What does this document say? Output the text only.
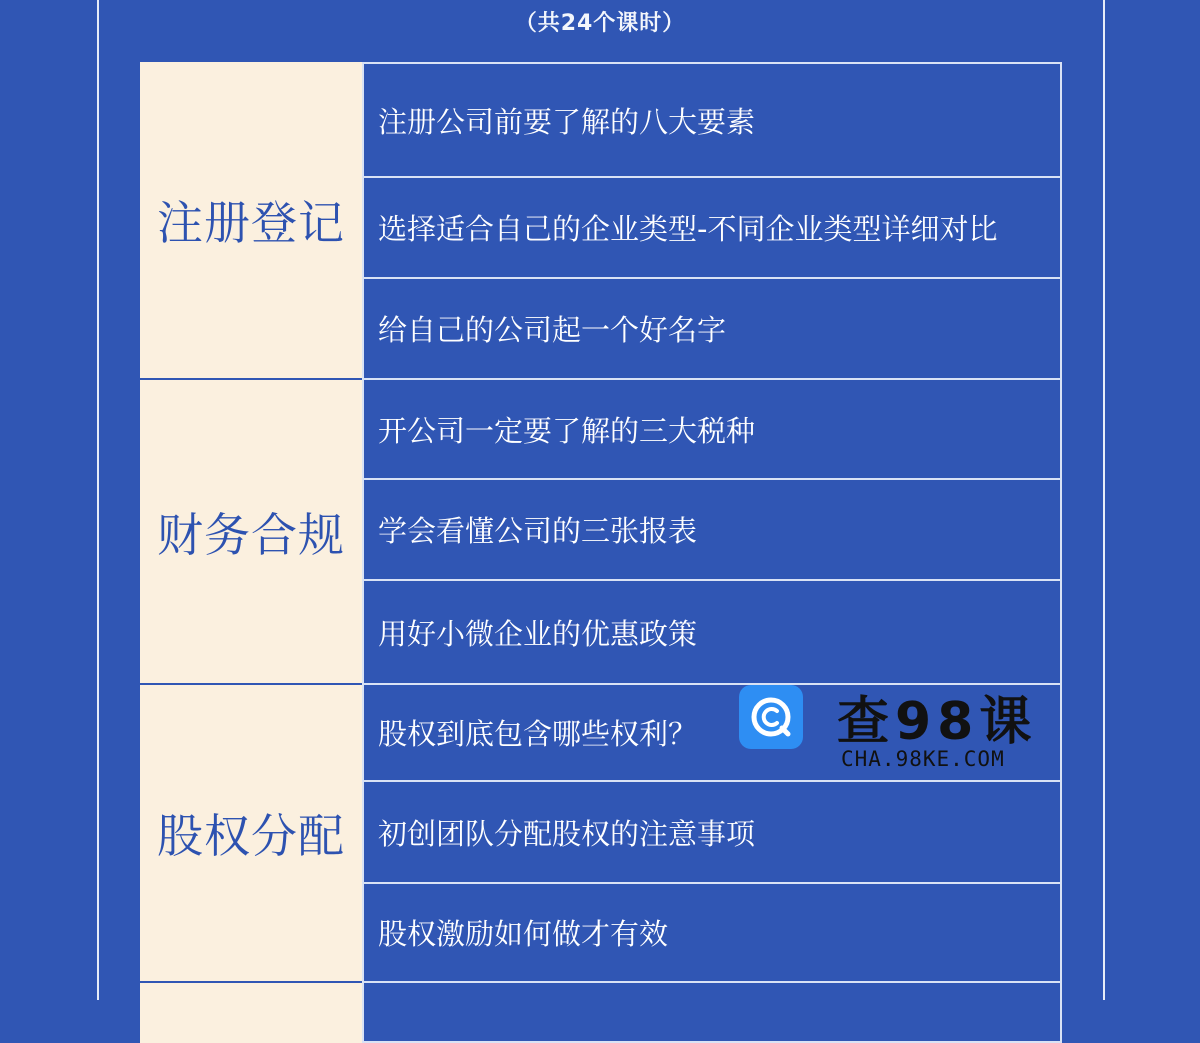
（共24个课时）
注册登记
注册公司前要了解的八大要素
选择适合自己的企业类型-不同企业类型详细对比
给自己的公司起一个好名字
财务合规
开公司一定要了解的三大税种
学会看懂公司的三张报表
用好小微企业的优惠政策
股权分配
股权到底包含哪些权利？
初创团队分配股权的注意事项
股权激励如何做才有效
查98课
CHA.98KE.COM
